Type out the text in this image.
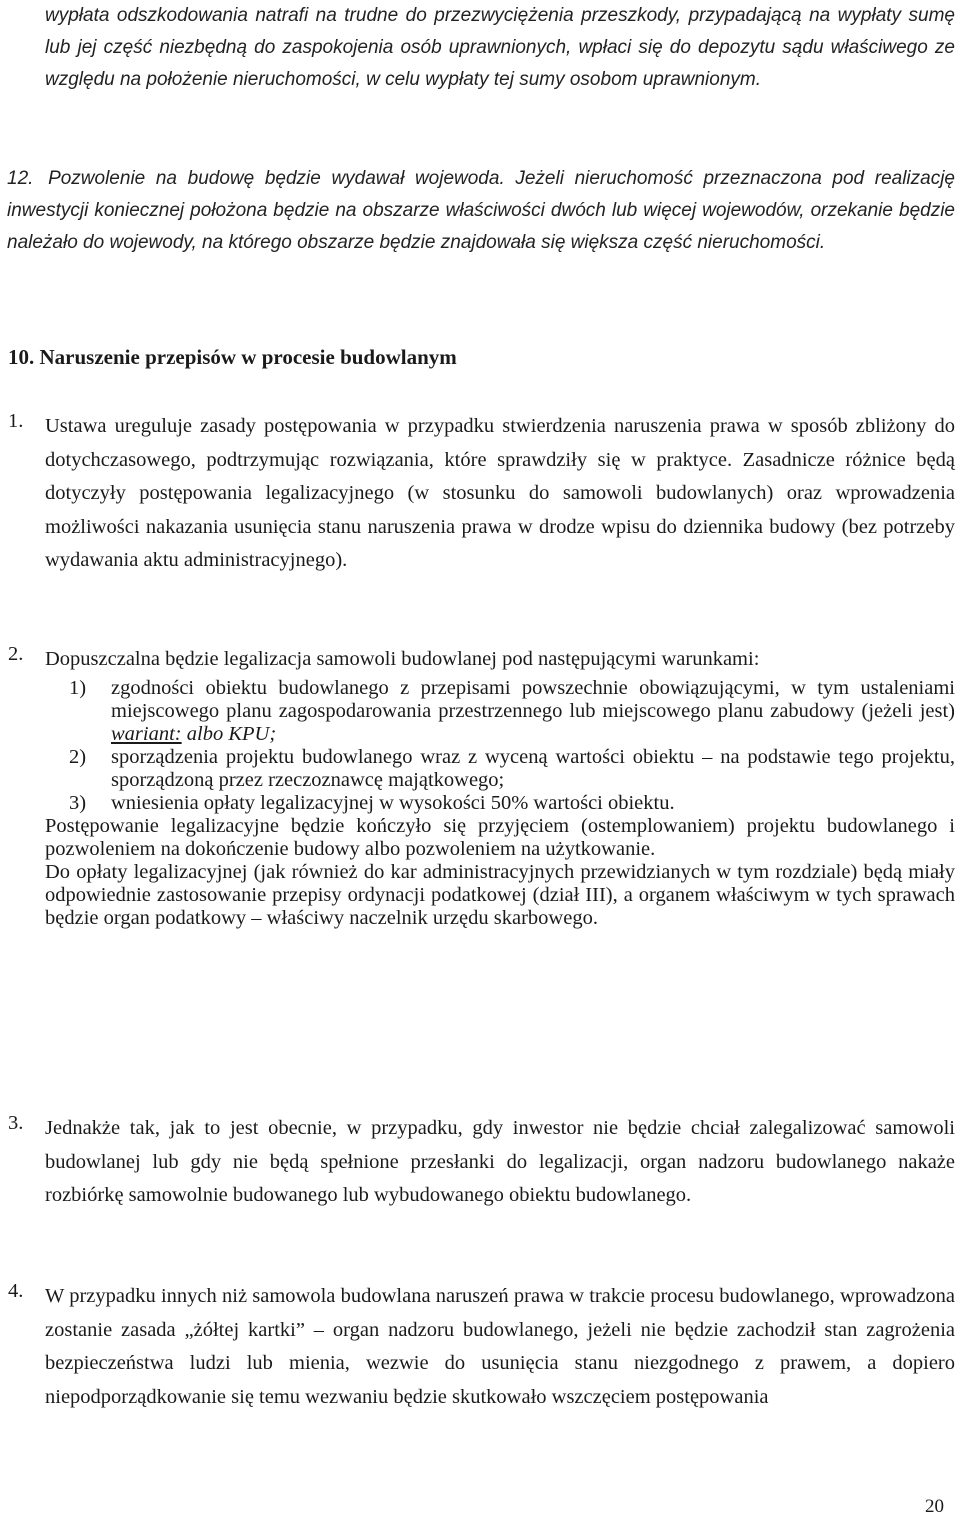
wypłata odszkodowania natrafi na trudne do przezwyciężenia przeszkody, przypadającą na wypłaty sumę lub jej część niezbędną do zaspokojenia osób uprawnionych, wpłaci się do depozytu sądu właściwego ze względu na położenie nieruchomości, w celu wypłaty tej sumy osobom uprawnionym.

12. Pozwolenie na budowę będzie wydawał wojewoda. Jeżeli nieruchomość przeznaczona pod realizację inwestycji koniecznej położona będzie na obszarze właściwości dwóch lub więcej wojewodów, orzekanie będzie należało do wojewody, na którego obszarze będzie znajdowała się większa część nieruchomości.

10. Naruszenie przepisów w procesie budowlanym
1. Ustawa ureguluje zasady postępowania w przypadku stwierdzenia naruszenia prawa w sposób zbliżony do dotychczasowego, podtrzymując rozwiązania, które sprawdziły się w praktyce. Zasadnicze różnice będą dotyczyły postępowania legalizacyjnego (w stosunku do samowoli budowlanych) oraz wprowadzenia możliwości nakazania usunięcia stanu naruszenia prawa w drodze wpisu do dziennika budowy (bez potrzeby wydawania aktu administracyjnego).
2. Dopuszczalna będzie legalizacja samowoli budowlanej pod następującymi warunkami:
1) zgodności obiektu budowlanego z przepisami powszechnie obowiązującymi, w tym ustaleniami miejscowego planu zagospodarowania przestrzennego lub miejscowego planu zabudowy (jeżeli jest) wariant: albo KPU;
2) sporządzenia projektu budowlanego wraz z wyceną wartości obiektu – na podstawie tego projektu, sporządzoną przez rzeczoznawcę majątkowego;
3) wniesienia opłaty legalizacyjnej w wysokości 50% wartości obiektu.
Postępowanie legalizacyjne będzie kończyło się przyjęciem (ostemplowaniem) projektu budowlanego i pozwoleniem na dokończenie budowy albo pozwoleniem na użytkowanie.
Do opłaty legalizacyjnej (jak również do kar administracyjnych przewidzianych w tym rozdziale) będą miały odpowiednie zastosowanie przepisy ordynacji podatkowej (dział III), a organem właściwym w tych sprawach będzie organ podatkowy – właściwy naczelnik urzędu skarbowego.
3. Jednakże tak, jak to jest obecnie, w przypadku, gdy inwestor nie będzie chciał zalegalizować samowoli budowlanej lub gdy nie będą spełnione przesłanki do legalizacji, organ nadzoru budowlanego nakaże rozbiórkę samowolnie budowanego lub wybudowanego obiektu budowlanego.
4. W przypadku innych niż samowola budowlana naruszeń prawa w trakcie procesu budowlanego, wprowadzona zostanie zasada „żółtej kartki” – organ nadzoru budowlanego, jeżeli nie będzie zachodził stan zagrożenia bezpieczeństwa ludzi lub mienia, wezwie do usunięcia stanu niezgodnego z prawem, a dopiero niepodporządkowanie się temu wezwaniu będzie skutkowało wszczęciem postępowania
20
